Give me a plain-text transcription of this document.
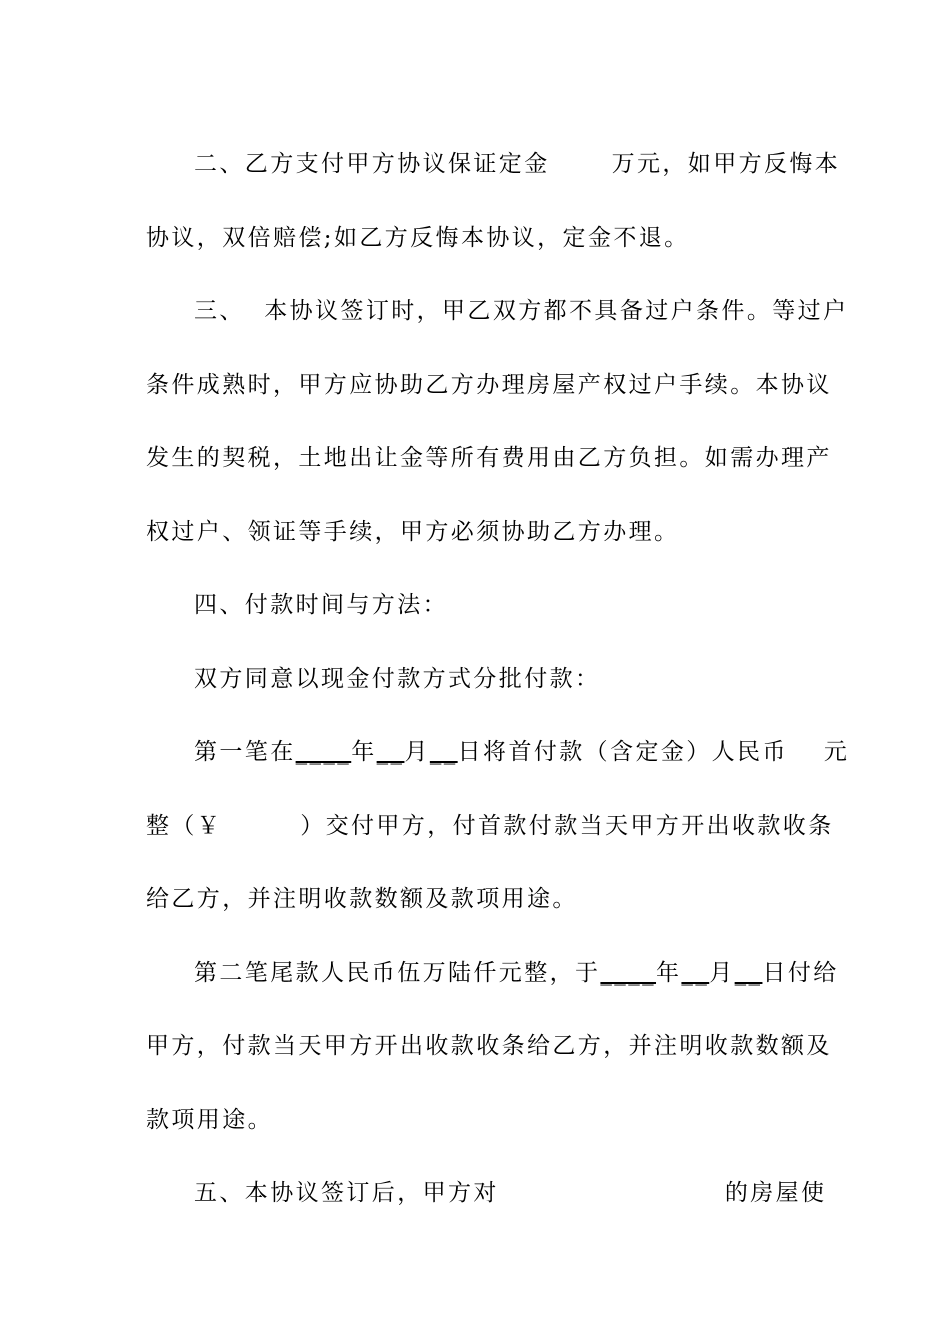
二、乙方支付甲方协议保证定金	万元，如甲方反悔本
协议，双倍赔偿;如乙方反悔本协议，定金不退。
三、  本协议签订时，甲乙双方都不具备过户条件。等过户
条件成熟时，甲方应协助乙方办理房屋产权过户手续。本协议
发生的契税，土地出让金等所有费用由乙方负担。如需办理产
权过户、领证等手续，甲方必须协助乙方办理。
四、付款时间与方法：
双方同意以现金付款方式分批付款：
第一笔在____年__月__日将首付款（含定金）人民币 元
整（￥	）交付甲方，付首款付款当天甲方开出收款收条
给乙方，并注明收款数额及款项用途。
第二笔尾款人民币伍万陆仟元整，于____年__月__日付给
甲方，付款当天甲方开出收款收条给乙方，并注明收款数额及
款项用途。
五、本协议签订后，甲方对	的房屋使
